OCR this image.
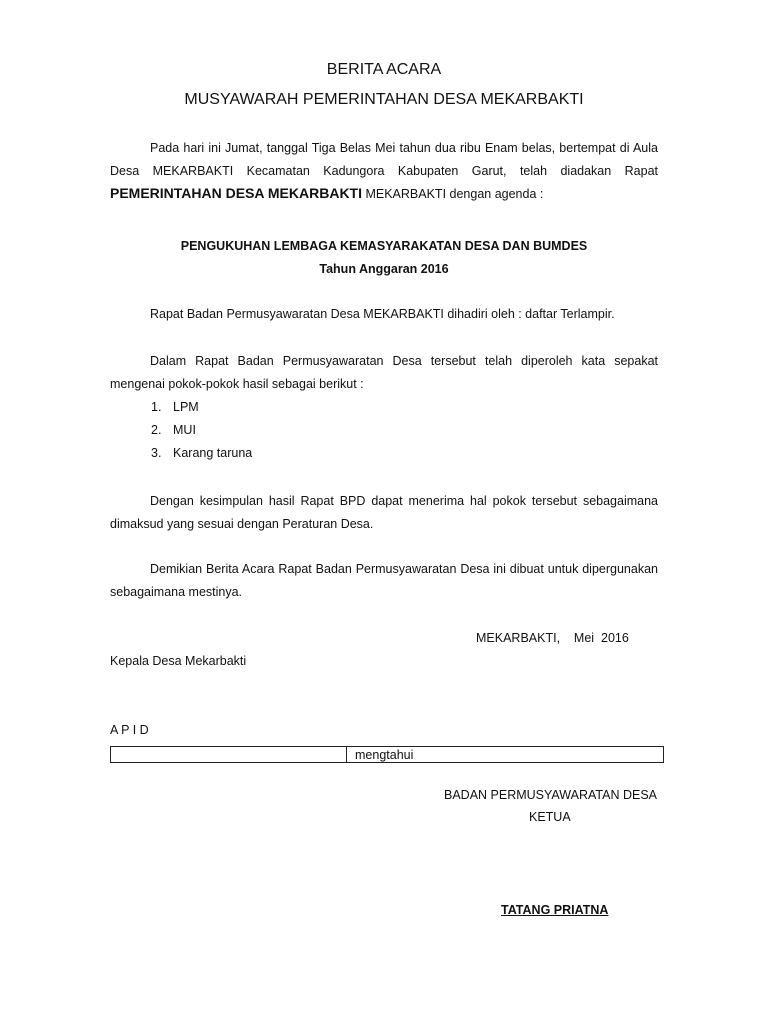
BERITA ACARA
MUSYAWARAH PEMERINTAHAN DESA MEKARBAKTI
Pada hari ini Jumat, tanggal Tiga Belas Mei tahun dua ribu Enam belas, bertempat di Aula Desa MEKARBAKTI Kecamatan Kadungora Kabupaten Garut, telah diadakan Rapat PEMERINTAHAN DESA MEKARBAKTI MEKARBAKTI dengan agenda :
PENGUKUHAN LEMBAGA KEMASYARAKATAN DESA DAN BUMDES
Tahun Anggaran 2016
Rapat Badan Permusyawaratan Desa MEKARBAKTI dihadiri oleh : daftar Terlampir.
Dalam Rapat Badan Permusyawaratan Desa tersebut telah diperoleh kata sepakat mengenai pokok-pokok hasil sebagai berikut :
1. LPM
2. MUI
3. Karang taruna
Dengan kesimpulan hasil Rapat BPD dapat menerima hal pokok tersebut sebagaimana dimaksud yang sesuai dengan Peraturan Desa.
Demikian Berita Acara Rapat Badan Permusyawaratan Desa ini dibuat untuk dipergunakan sebagaimana mestinya.
MEKARBAKTI,    Mei  2016
Kepala Desa Mekarbakti
A P I D
mengtahui
BADAN PERMUSYAWARATAN DESA
KETUA
TATANG PRIATNA
